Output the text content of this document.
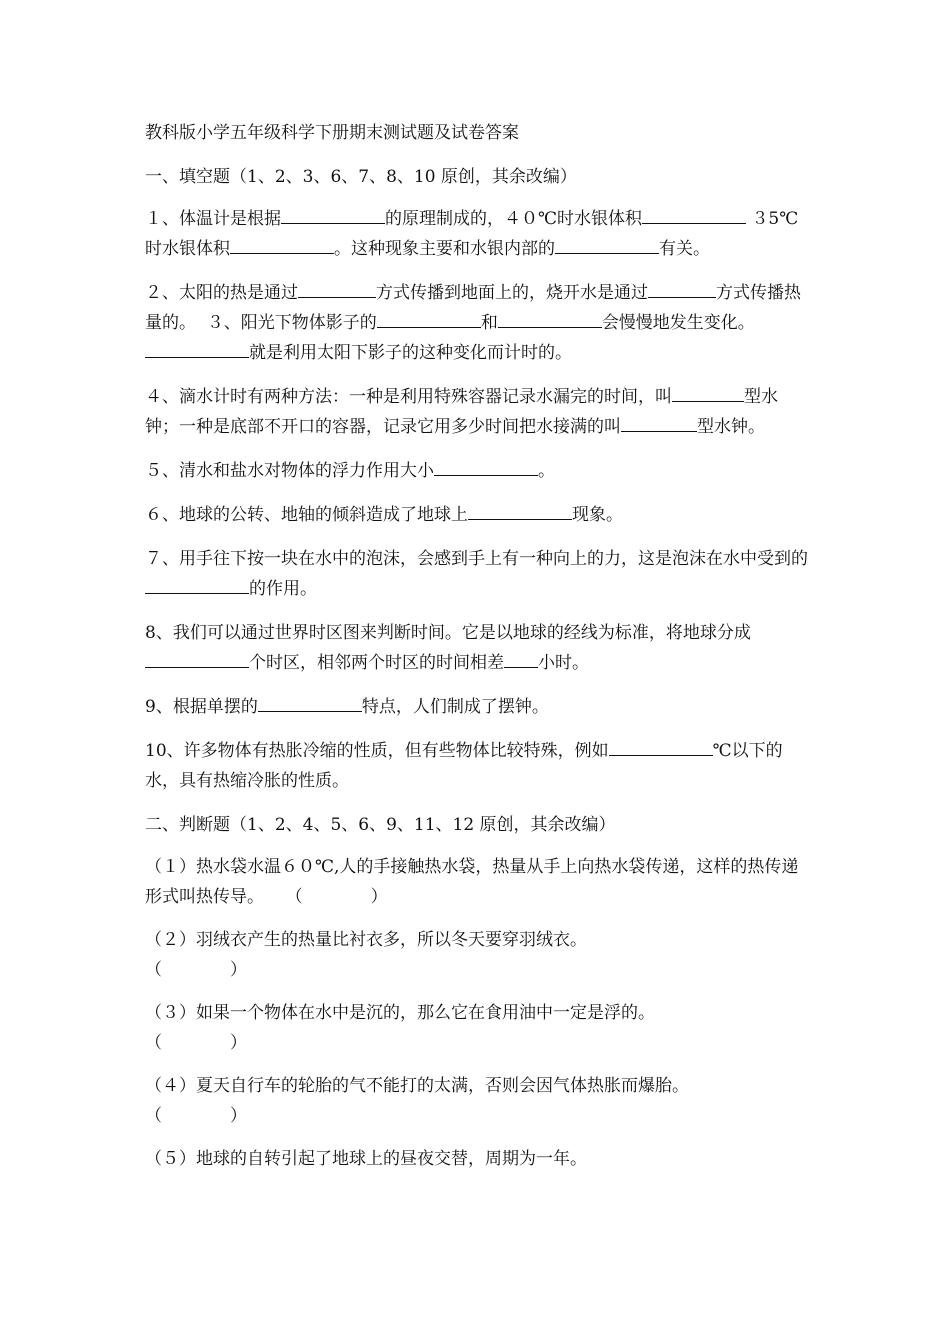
教科版小学五年级科学下册期末测试题及试卷答案
一、填空题（1、2、3、6、7、8、10 原创，其余改编）
１、体温计是根据	的原理制成的，４０℃时水银体积	３5℃时水银体积	。这种现象主要和水银内部的	有关。
２、太阳的热是通过	方式传播到地面上的，烧开水是通过	方式传播热量的。 ３、阳光下物体影子的	和	会慢慢地发生变化。就是利用太阳下影子的这种变化而计时的。
４、滴水计时有两种方法：一种是利用特殊容器记录水漏完的时间，叫	型水钟；一种是底部不开口的容器，记录它用多少时间把水接满的叫	型水钟。
５、清水和盐水对物体的浮力作用大小	。
６、地球的公转、地轴的倾斜造成了地球上	现象。
７、用手往下按一块在水中的泡沫，会感到手上有一种向上的力，这是泡沫在水中受到的的作用。
8、我们可以通过世界时区图来判断时间。它是以地球的经线为标准，将地球分成个时区，相邻两个时区的时间相差 小时。
9、根据单摆的	特点，人们制成了摆钟。
10、许多物体有热胀冷缩的性质，但有些物体比较特殊，例如	℃以下的水，具有热缩冷胀的性质。
二、判断题（1、2、4、5、6、9、11、12 原创，其余改编）
（１）热水袋水温６０℃,人的手接触热水袋，热量从手上向热水袋传递，这样的热传递形式叫热传导。 （　　　　）
（２）羽绒衣产生的热量比衬衣多，所以冬天要穿羽绒衣。
（　　　　）
（３）如果一个物体在水中是沉的，那么它在食用油中一定是浮的。
（　　　　）
（４）夏天自行车的轮胎的气不能打的太满，否则会因气体热胀而爆胎。
（　　　　）
（５）地球的自转引起了地球上的昼夜交替，周期为一年。
